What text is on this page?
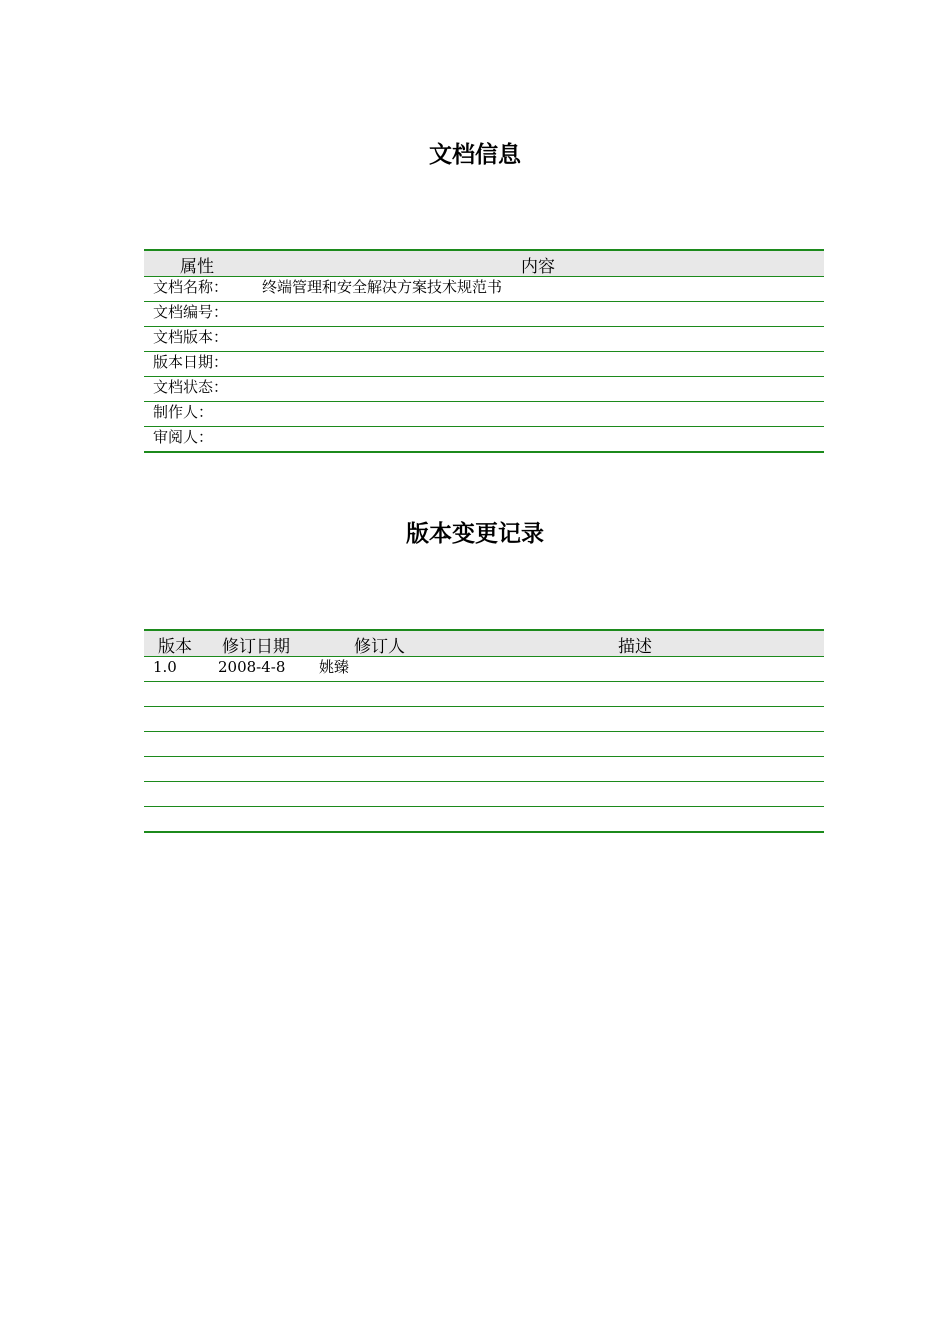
文档信息
属性	内容
文档名称：	终端管理和安全解决方案技术规范书
文档编号：	
文档版本：	
版本日期：	
文档状态：	
制作人：	
审阅人：	
版本变更记录
版本	修订日期	修订人	描述
1.0	2008-4-8	姚臻	
